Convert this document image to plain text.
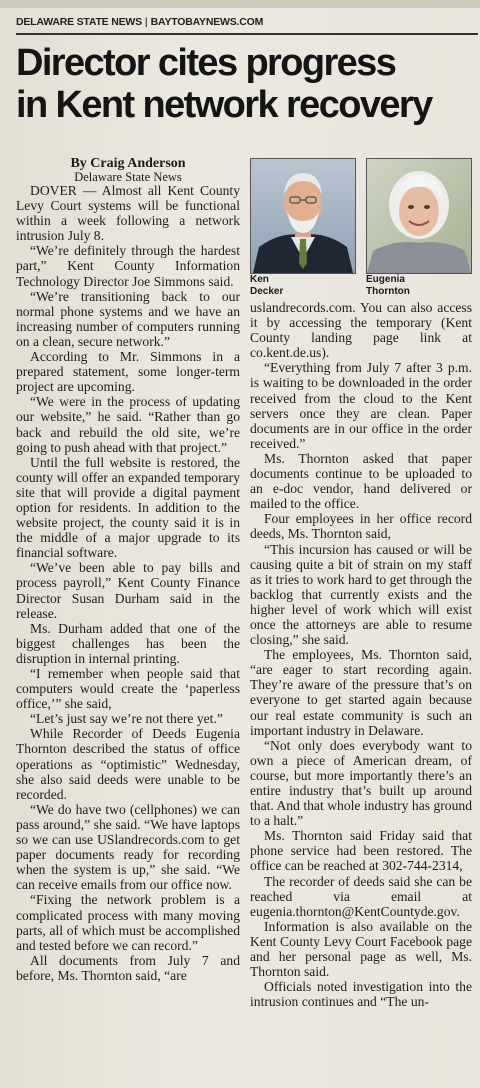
DELAWARE STATE NEWS | BAYTOBAYNEWS.COM
Director cites progress
in Kent network recovery
By Craig Anderson
Delaware State News

DOVER — Almost all Kent County Levy Court systems will be functional within a week following a network intrusion July 8.

“We’re definitely through the hardest part,” Kent County Information Technology Director Joe Simmons said.

“We’re transitioning back to our normal phone systems and we have an increasing number of computers running on a clean, secure network.”

According to Mr. Simmons in a prepared statement, some longer-term project are upcoming.

“We were in the process of updating our website,” he said. “Rather than go back and rebuild the old site, we’re going to push ahead with that project.”

Until the full website is restored, the county will offer an expanded temporary site that will provide a digital payment option for residents. In addition to the website project, the county said it is in the middle of a major upgrade to its financial software.

“We’ve been able to pay bills and process payroll,” Kent County Finance Director Susan Durham said in the release.

Ms. Durham added that one of the biggest challenges has been the disruption in internal printing.

“I remember when people said that computers would create the ‘paperless office,’” she said,

“Let’s just say we’re not there yet.”

While Recorder of Deeds Eugenia Thornton described the status of office operations as “optimistic” Wednesday, she also said deeds were unable to be recorded.

“We do have two (cellphones) we can pass around,” she said. “We have laptops so we can use USlandrecords.com to get paper documents ready for recording when the system is up,” she said. “We can receive emails from our office now.

“Fixing the network problem is a complicated process with many moving parts, all of which must be accomplished and tested before we can record.”

All documents from July 7 and before, Ms. Thornton said, “are

Ken
Decker
Eugenia
Thornton

uslandrecords.com. You can also access it by accessing the temporary (Kent County landing page link at co.kent.de.us).

“Everything from July 7 after 3 p.m. is waiting to be downloaded in the order received from the cloud to the Kent servers once they are clean. Paper documents are in our office in the order received.”

Ms. Thornton asked that paper documents continue to be uploaded to an e-doc vendor, hand delivered or mailed to the office.

Four employees in her office record deeds, Ms. Thornton said,

“This incursion has caused or will be causing quite a bit of strain on my staff as it tries to work hard to get through the backlog that currently exists and the higher level of work which will exist once the attorneys are able to resume closing,” she said.

The employees, Ms. Thornton said, “are eager to start recording again. They’re aware of the pressure that’s on everyone to get started again because our real estate community is such an important industry in Delaware.

“Not only does everybody want to own a piece of American dream, of course, but more importantly there’s an entire industry that’s built up around that. And that whole industry has ground to a halt.”

Ms. Thornton said Friday said that phone service had been restored. The office can be reached at 302-744-2314,

The recorder of deeds said she can be reached via email at eugenia.thornton@KentCountyde.gov.

Information is also available on the Kent County Levy Court Facebook page and her personal page as well, Ms. Thornton said.

Officials noted investigation into the intrusion continues and “The un-
